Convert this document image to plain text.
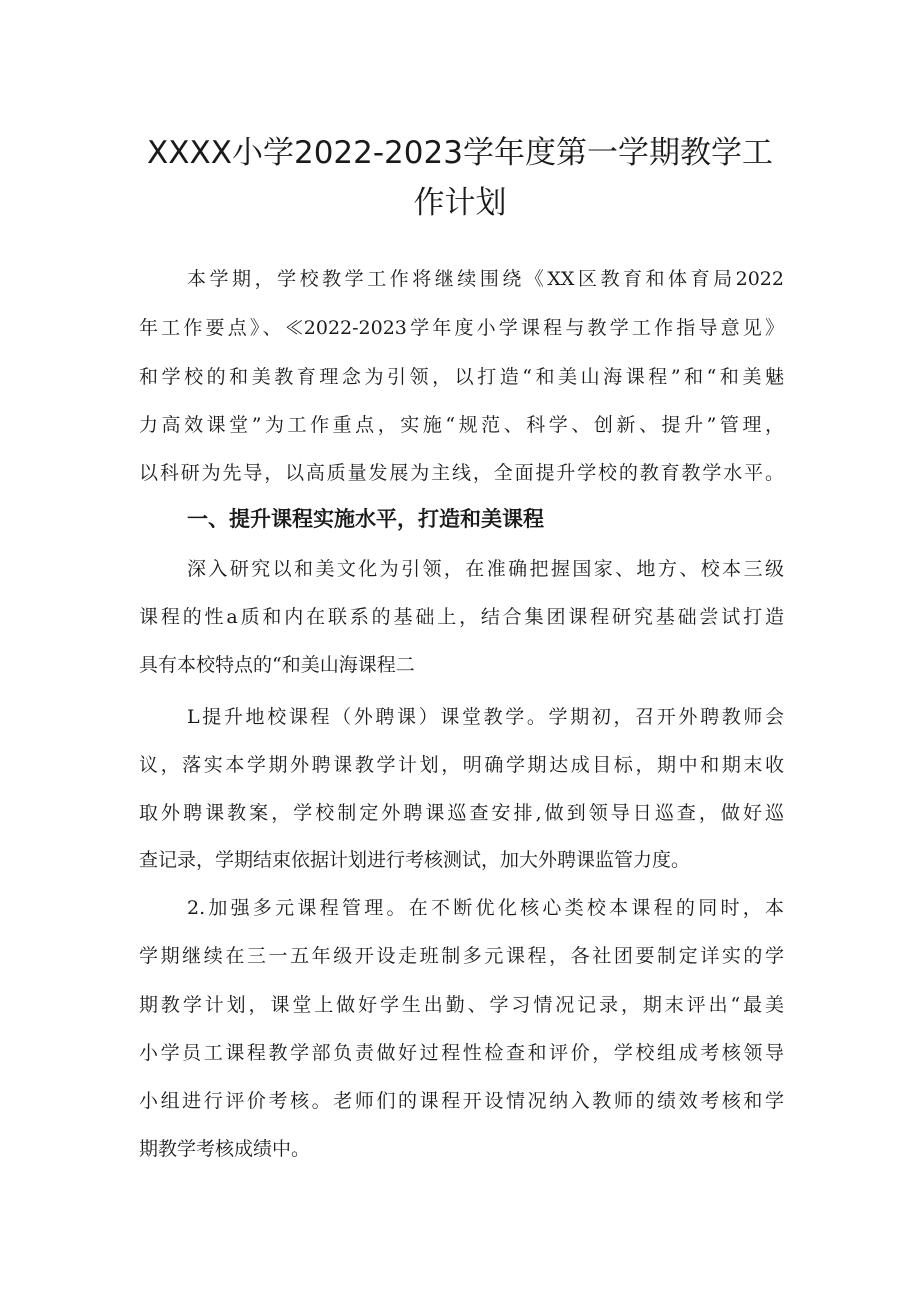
XXXX小学2022-2023学年度第一学期教学工
作计划
本学期，学校教学工作将继续围绕《XX区教育和体育局2022
年工作要点》、≪2022-2023学年度小学课程与教学工作指导意见》
和学校的和美教育理念为引领，以打造“和美山海课程”和“和美魅
力高效课堂”为工作重点，实施“规范、科学、创新、提升”管理，
以科研为先导，以高质量发展为主线，全面提升学校的教育教学水平。
一、提升课程实施水平，打造和美课程
深入研究以和美文化为引领，在准确把握国家、地方、校本三级
课程的性a质和内在联系的基础上，结合集团课程研究基础尝试打造
具有本校特点的“和美山海课程二
L提升地校课程（外聘课）课堂教学。学期初，召开外聘教师会
议，落实本学期外聘课教学计划，明确学期达成目标，期中和期末收
取外聘课教案，学校制定外聘课巡查安排,做到领导日巡查，做好巡
查记录，学期结束依据计划进行考核测试，加大外聘课监管力度。
2.加强多元课程管理。在不断优化核心类校本课程的同时，本
学期继续在三一五年级开设走班制多元课程，各社团要制定详实的学
期教学计划，课堂上做好学生出勤、学习情况记录，期末评出“最美
小学员工课程教学部负责做好过程性检查和评价，学校组成考核领导
小组进行评价考核。老师们的课程开设情况纳入教师的绩效考核和学
期教学考核成绩中。
